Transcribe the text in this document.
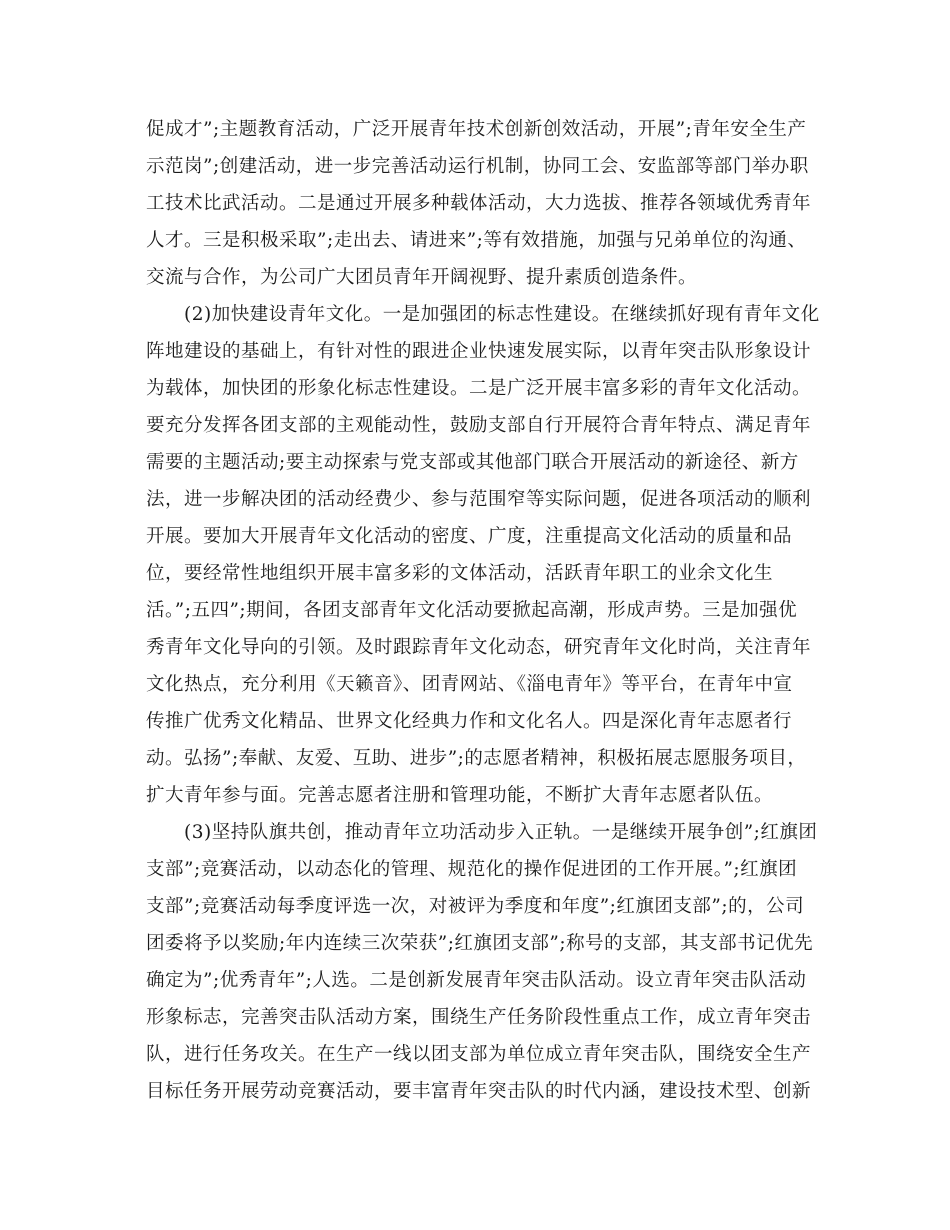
促成才”;主题教育活动，广泛开展青年技术创新创效活动，开展”;青年安全生产
示范岗”;创建活动，进一步完善活动运行机制，协同工会、安监部等部门举办职
工技术比武活动。二是通过开展多种载体活动，大力选拔、推荐各领域优秀青年
人才。三是积极采取”;走出去、请进来”;等有效措施，加强与兄弟单位的沟通、
交流与合作，为公司广大团员青年开阔视野、提升素质创造条件。
(2)加快建设青年文化。一是加强团的标志性建设。在继续抓好现有青年文化
阵地建设的基础上，有针对性的跟进企业快速发展实际，以青年突击队形象设计
为载体，加快团的形象化标志性建设。二是广泛开展丰富多彩的青年文化活动。
要充分发挥各团支部的主观能动性，鼓励支部自行开展符合青年特点、满足青年
需要的主题活动;要主动探索与党支部或其他部门联合开展活动的新途径、新方
法，进一步解决团的活动经费少、参与范围窄等实际问题，促进各项活动的顺利
开展。要加大开展青年文化活动的密度、广度，注重提高文化活动的质量和品
位，要经常性地组织开展丰富多彩的文体活动，活跃青年职工的业余文化生
活。”;五四”;期间，各团支部青年文化活动要掀起高潮，形成声势。三是加强优
秀青年文化导向的引领。及时跟踪青年文化动态，研究青年文化时尚，关注青年
文化热点，充分利用《天籁音》、团青网站、《淄电青年》等平台，在青年中宣
传推广优秀文化精品、世界文化经典力作和文化名人。四是深化青年志愿者行
动。弘扬”;奉献、友爱、互助、进步”;的志愿者精神，积极拓展志愿服务项目，
扩大青年参与面。完善志愿者注册和管理功能，不断扩大青年志愿者队伍。
(3)坚持队旗共创，推动青年立功活动步入正轨。一是继续开展争创”;红旗团
支部”;竞赛活动，以动态化的管理、规范化的操作促进团的工作开展。”;红旗团
支部”;竞赛活动每季度评选一次，对被评为季度和年度”;红旗团支部”;的，公司
团委将予以奖励;年内连续三次荣获”;红旗团支部”;称号的支部，其支部书记优先
确定为”;优秀青年”;人选。二是创新发展青年突击队活动。设立青年突击队活动
形象标志，完善突击队活动方案，围绕生产任务阶段性重点工作，成立青年突击
队，进行任务攻关。在生产一线以团支部为单位成立青年突击队，围绕安全生产
目标任务开展劳动竞赛活动，要丰富青年突击队的时代内涵，建设技术型、创新
